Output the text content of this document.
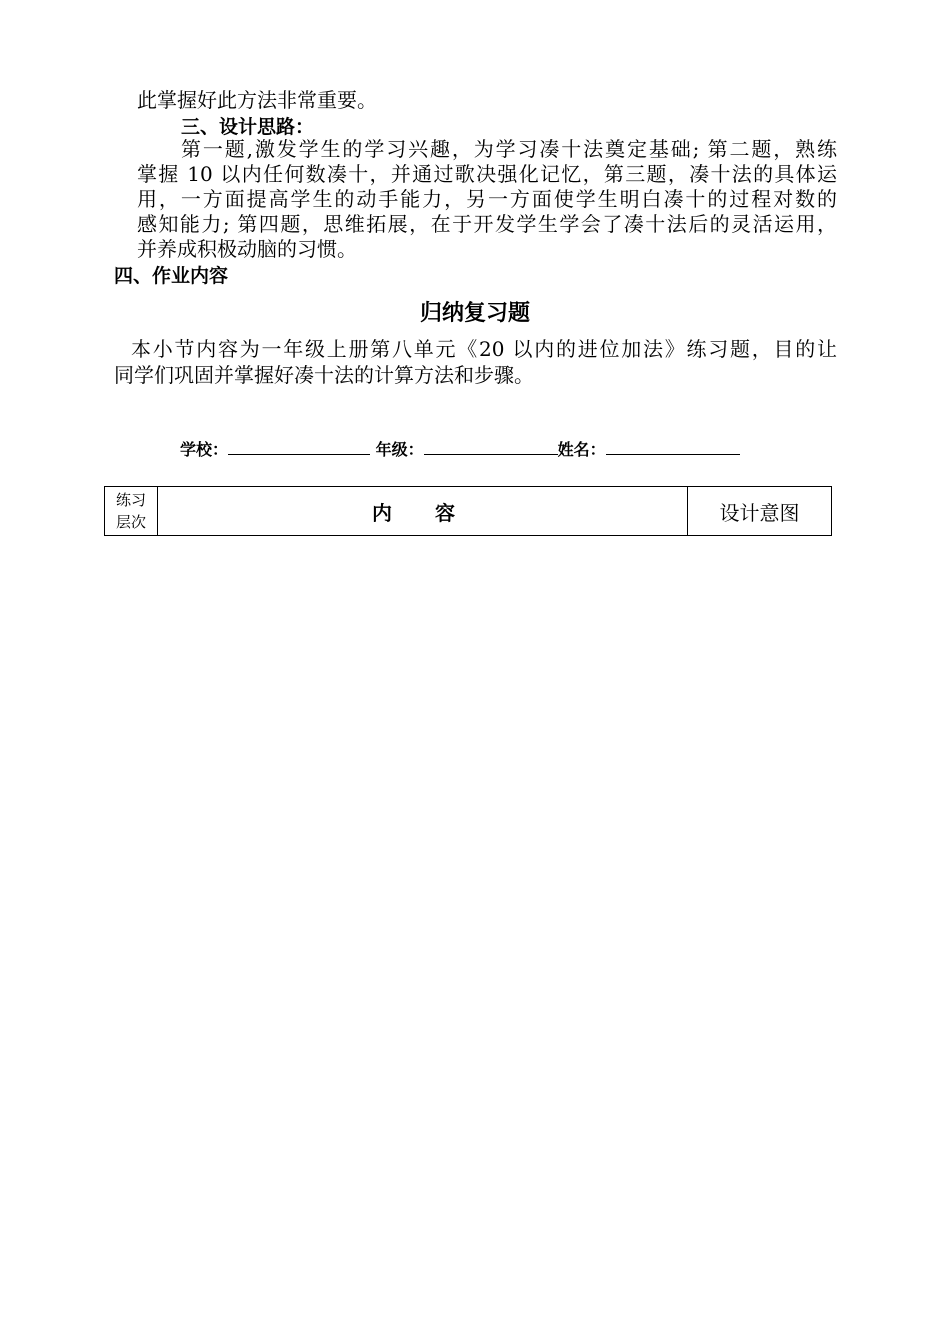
此掌握好此方法非常重要。
三、设计思路：
第一题,激发学生的学习兴趣，为学习凑十法奠定基础; 第二题，熟练
掌握 10 以内任何数凑十，并通过歌决强化记忆，第三题，凑十法的具体运
用，一方面提高学生的动手能力，另一方面使学生明白凑十的过程对数的
感知能力; 第四题，思维拓展，在于开发学生学会了凑十法后的灵活运用，
并养成积极动脑的习惯。
四、作业内容
归纳复习题
本小节内容为一年级上册第八单元《20 以内的进位加法》练习题，目的让
同学们巩固并掌握好凑十法的计算方法和步骤。
学校：	年级：	姓名：
练习
层次	内 容	设计意图
